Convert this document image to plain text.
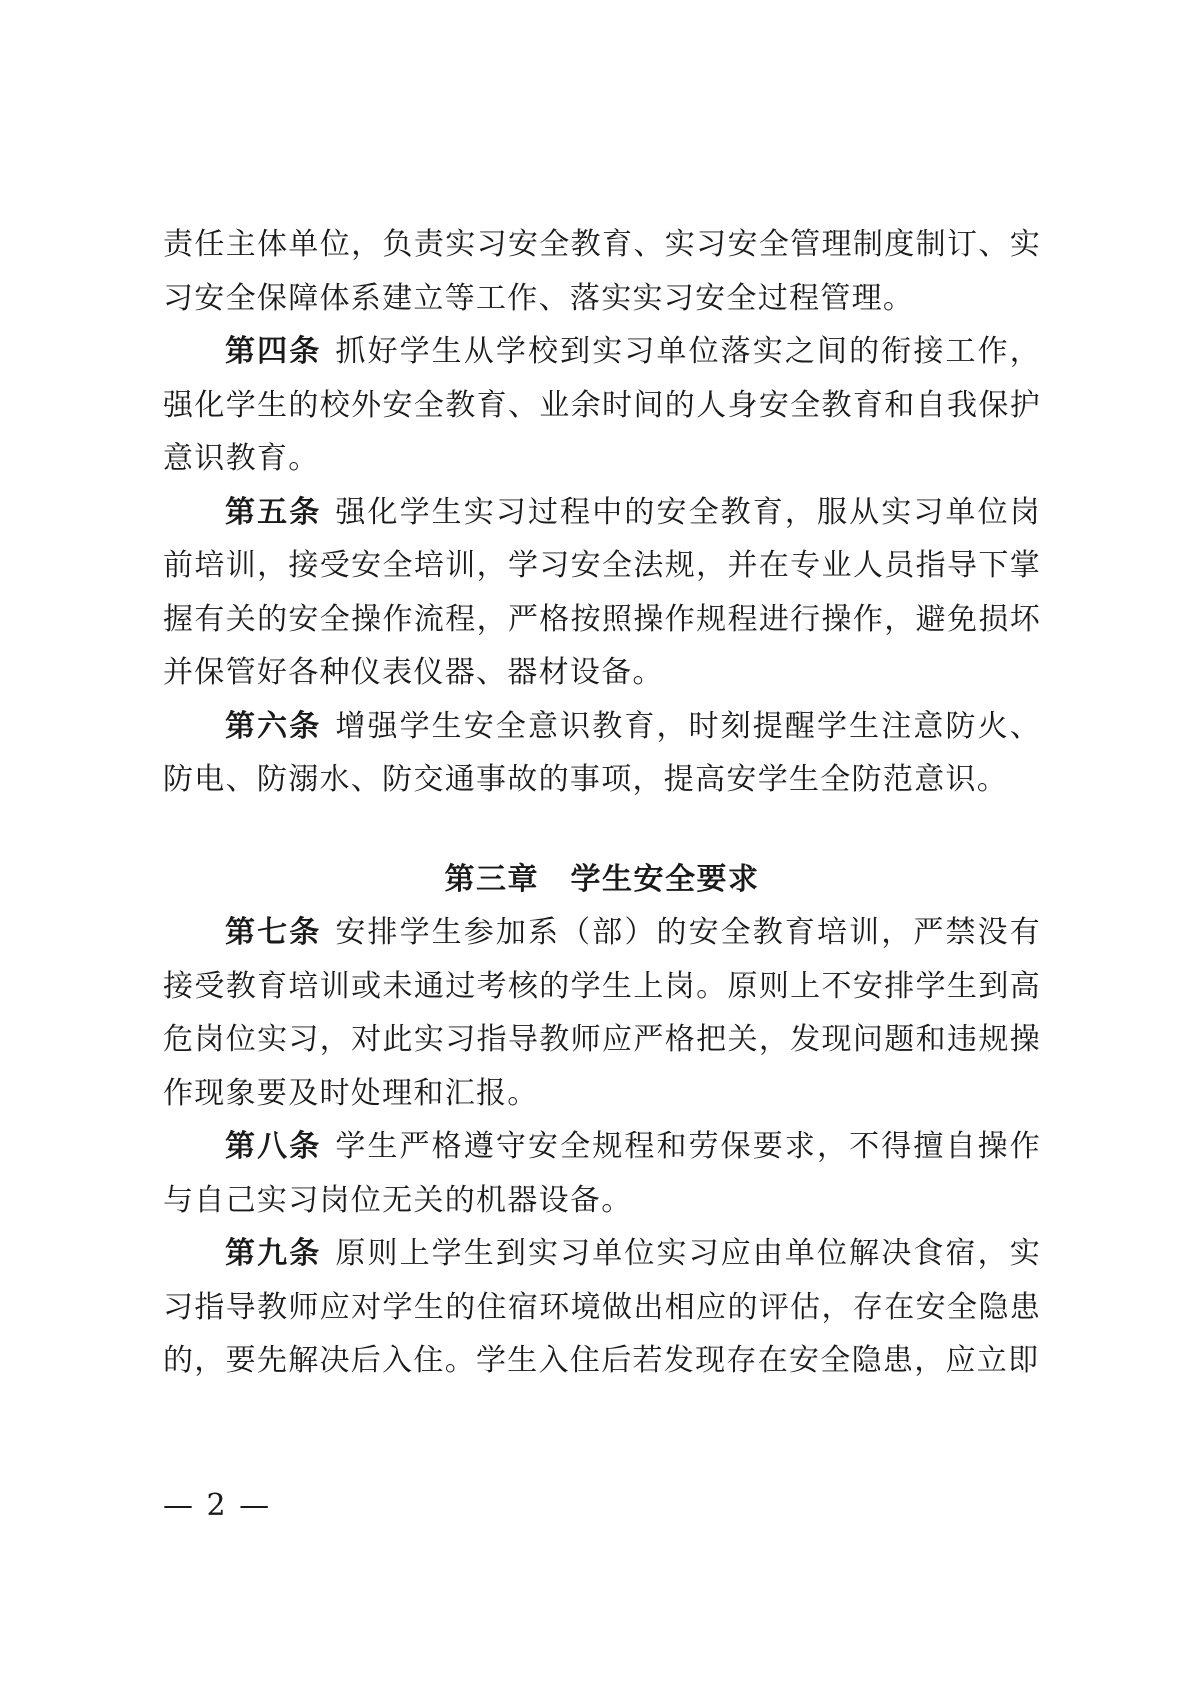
责任主体单位，负责实习安全教育、实习安全管理制度制订、实习安全保障体系建立等工作、落实实习安全过程管理。

第四条 抓好学生从学校到实习单位落实之间的衔接工作，强化学生的校外安全教育、业余时间的人身安全教育和自我保护意识教育。

第五条 强化学生实习过程中的安全教育，服从实习单位岗前培训，接受安全培训，学习安全法规，并在专业人员指导下掌握有关的安全操作流程，严格按照操作规程进行操作，避免损坏并保管好各种仪表仪器、器材设备。

第六条 增强学生安全意识教育，时刻提醒学生注意防火、防电、防溺水、防交通事故的事项，提高安学生全防范意识。

第三章　学生安全要求

第七条 安排学生参加系（部）的安全教育培训，严禁没有接受教育培训或未通过考核的学生上岗。原则上不安排学生到高危岗位实习，对此实习指导教师应严格把关，发现问题和违规操作现象要及时处理和汇报。

第八条 学生严格遵守安全规程和劳保要求，不得擅自操作与自己实习岗位无关的机器设备。

第九条 原则上学生到实习单位实习应由单位解决食宿，实习指导教师应对学生的住宿环境做出相应的评估，存在安全隐患的，要先解决后入住。学生入住后若发现存在安全隐患，应立即

— 2 —
